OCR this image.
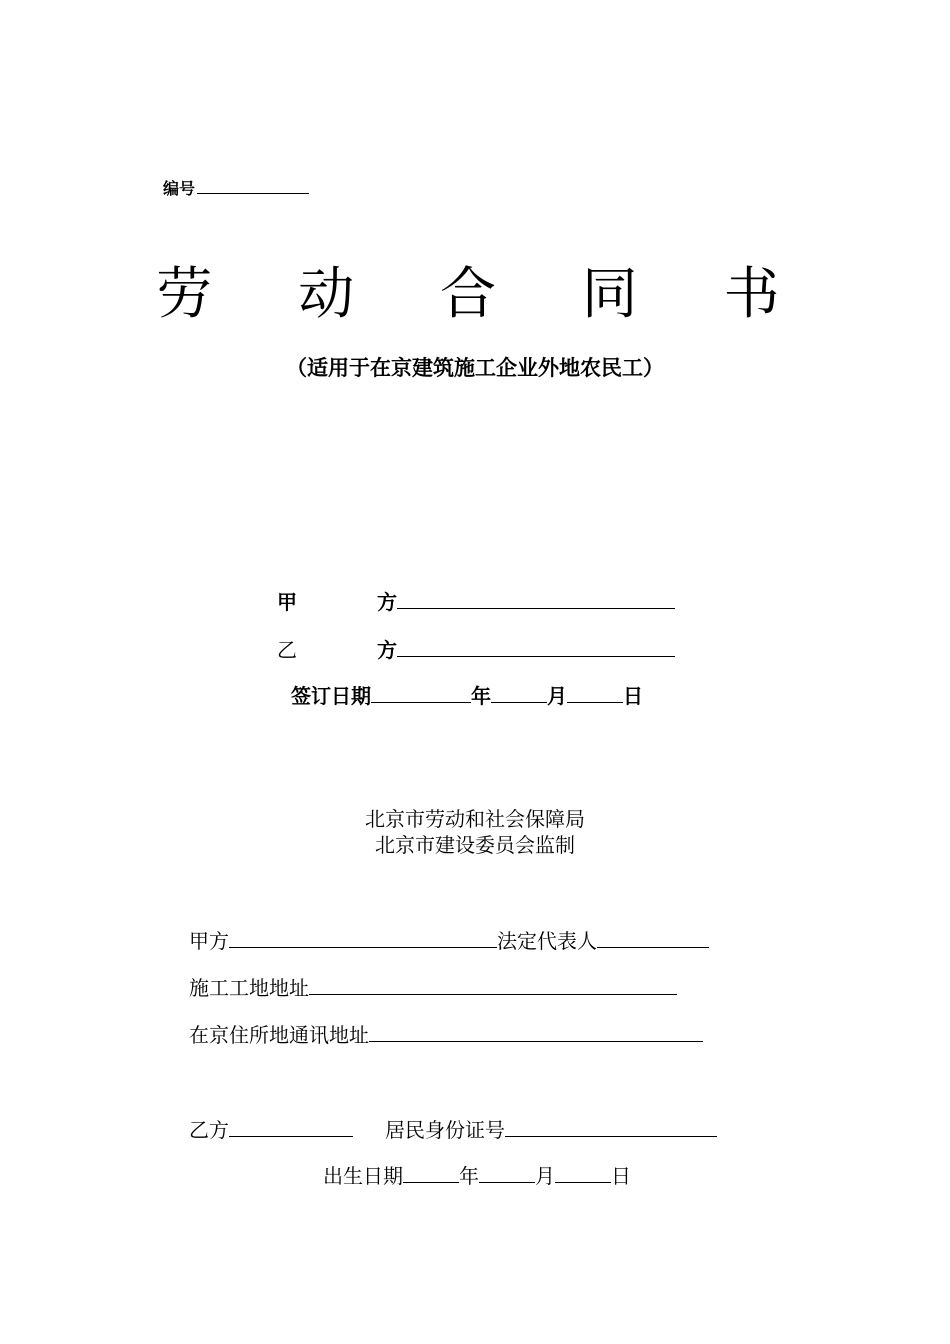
编号
劳 动 合 同 书
（适用于在京建筑施工企业外地农民工）
甲	方
乙	方
签订日期	年	月	日
北京市劳动和社会保障局
北京市建设委员会监制
甲方	法定代表人
施工工地地址
在京住所地通讯地址
乙方	居民身份证号
出生日期	年	月	日
